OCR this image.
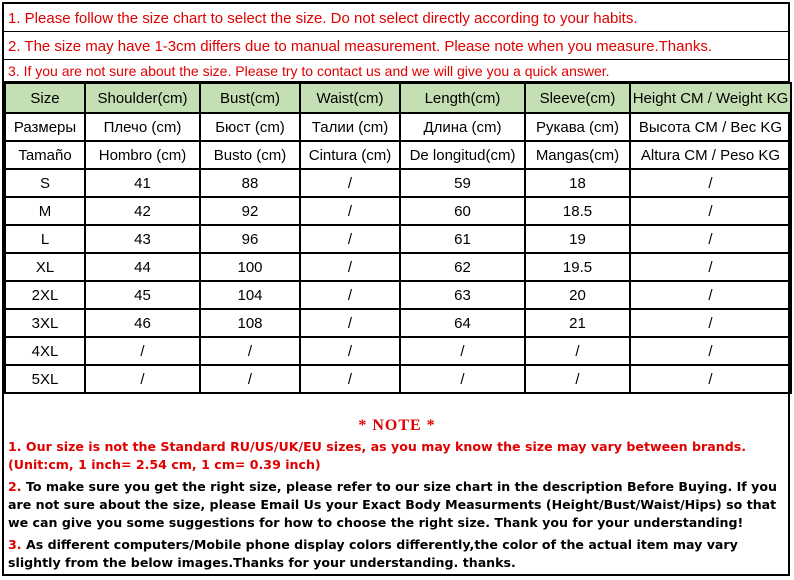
1. Please follow the size chart to select the size. Do not select directly according to your habits.
2. The size may have 1-3cm differs due to manual measurement. Please note when you measure.Thanks.
3. If you are not sure about the size. Please try to contact us and we will give you a quick answer.
Size	Shoulder(cm)	Bust(cm)	Waist(cm)	Length(cm)	Sleeve(cm)	Height CM / Weight KG
Размеры	Плечо (cm)	Бюст (cm)	Талии (cm)	Длина (cm)	Рукава (cm)	Высота CM / Вес KG
Tamaño	Hombro (cm)	Busto (cm)	Cintura (cm)	De longitud(cm)	Mangas(cm)	Altura CM / Peso KG
S	41	88	/	59	18	/
M	42	92	/	60	18.5	/
L	43	96	/	61	19	/
XL	44	100	/	62	19.5	/
2XL	45	104	/	63	20	/
3XL	46	108	/	64	21	/
4XL	/	/	/	/	/	/
5XL	/	/	/	/	/	/
* NOTE *

1. Our size is not the Standard RU/US/UK/EU sizes, as you may know the size may vary between brands.

(Unit:cm, 1 inch= 2.54 cm, 1 cm= 0.39 inch)

2. To make sure you get the right size, please refer to our size chart in the description Before Buying. If you are not sure about the size, please Email Us your Exact Body Measurments (Height/Bust/Waist/Hips) so that we can give you some suggestions for how to choose the right size. Thank you for your understanding!

3. As different computers/Mobile phone display colors differently,the color of the actual item may vary slightly from the below images.Thanks for your understanding. thanks.
